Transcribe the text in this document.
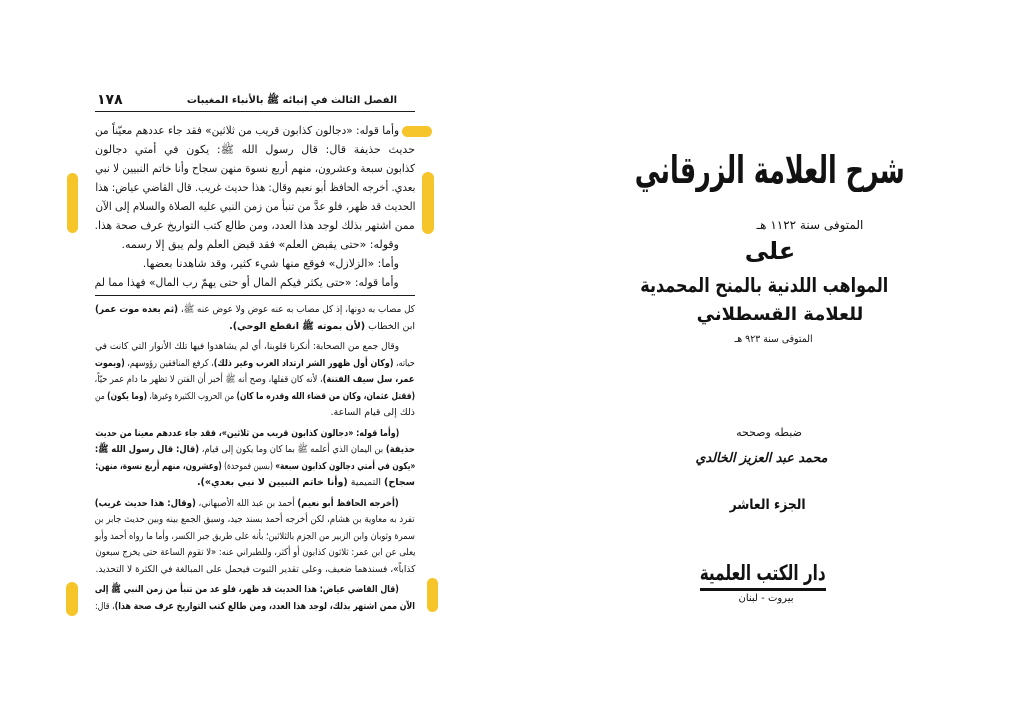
١٧٨	الفصل الثالث في إنبائه ﷺ بالأنباء المغيبات
وأما قوله: «دجالون كذابون قريب من ثلاثين» فقد جاء عددهم معيّناً من
حديث حذيفة قال: قال رسول الله ﷺ: يكون في أمتي دجالون
كذابون سبعة وعشرون، منهم أربع نسوة منهن سجاح وأنا خاتم النبيين لا نبي
بعدي. أخرجه الحافظ أبو نعيم وقال: هذا حديث غريب. قال القاضي عياض: هذا
الحديث قد ظهر، فلو عدَّ من تنبأ من زمن النبي عليه الصلاة والسلام إلى الآن
ممن اشتهر بذلك لوجد هذا العدد، ومن طالع كتب التواريخ عرف صحة هذا.
وقوله: «حتى يقبض العلم» فقد قبض العلم ولم يبق إلا رسمه.
وأما: «الزلازل» فوقع منها شيء كثير، وقد شاهدنا بعضها.
وأما قوله: «حتى يكثر فيكم المال أو حتى يهمّ رب المال» فهذا مما لم
كل مصاب به دونها، إذ كل مصاب به عنه عوض ولا عوض عنه ﷺ، (ثم بعده موت عمر)
ابن الخطاب (لأن بموته ﷺ انقطع الوحي).
وقال جمع من الصحابة: أنكرنا قلوبنا، أي لم يشاهدوا فيها تلك الأنوار التي كانت في
حياته، (وكان أول ظهور الشر ارتداد العرب وغير ذلك)، كرفع المنافقين رؤوسهم، (وبموت
عمر، سل سيف الفتنة)، لأنه كان قفلها، وصح أنه ﷺ أخبر أن الفتن لا تظهر ما دام عمر حيّاً،
(فقتل عثمان، وكان من قضاء الله وقدره ما كان) من الحروب الكثيرة وغيرها، (وما يكون) من
ذلك إلى قيام الساعة.
(وأما قوله: «دجالون كذابون قريب من ثلاثين»، فقد جاء عددهم معينا من حديث
حذيفة) بن اليمان الذي أعلمه ﷺ بما كان وما يكون إلى قيام، (قال: قال رسول الله ﷺ:
«يكون في أمتي دجالون كذابون سبعة» (بسين فموحدة) (وعشرون، منهم أربع نسوة، منهن:
سجاح) التميمية (وأنا خاتم النبيين لا نبي بعدي»).
(أخرجه الحافظ أبو نعيم) أحمد بن عبد الله الأصبهاني، (وقال: هذا حديث غريب)
تفرد به معاوية بن هشام، لكن أخرجه أحمد بسند جيد، وسبق الجمع بينه وبين حديث جابر بن
سمرة وثوبان وابن الزبير من الجزم بالثلاثين؛ بأنه على طريق جبر الكسر، وأما ما رواه أحمد وأبو
يعلى عن ابن عمر: ثلاثون كذابون أو أكثر، وللطبراني عنه: «لا تقوم الساعة حتى يخرج سبعون
كذاباً»، فسندهما ضعيف، وعلى تقدير الثبوت فيحمل على المبالغة في الكثرة لا التحديد.
(قال القاضي عياض: هذا الحديث قد ظهر، فلو عد من تنبأ من زمن النبي ﷺ إلى
الآن ممن اشتهر بذلك، لوجد هذا العدد، ومن طالع كتب التواريخ عرف صحة هذا)، قال:
شرح العلامة الزرقاني
المتوفى سنة ١١٢٢ هـ
على
المواهب اللدنية بالمنح المحمدية
للعلامة القسطلاني
المتوفى سنة ٩٢٣ هـ
ضبطه وصححه
محمد عبد العزيز الخالدي
الجزء العاشر
دار الكتب العلمية
بيروت - لبنان
